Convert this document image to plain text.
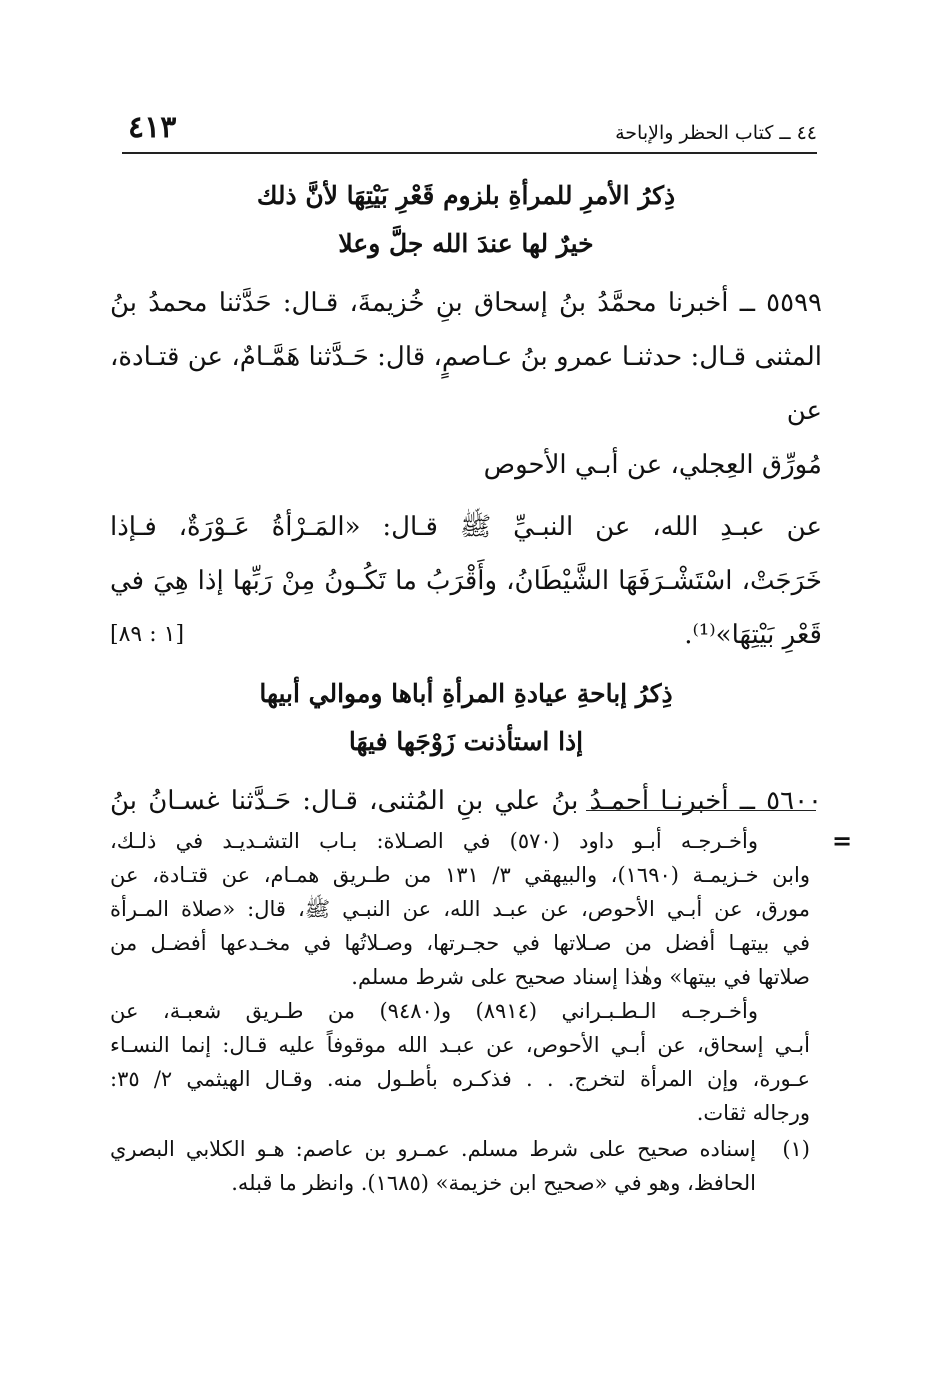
٤٤ ــ كتاب الحظر والإباحة
٤١٣
ذِكرُ الأمرِ للمرأةِ بلزوم قَعْرِ بَيْتِهَا لأنَّ ذلك
خيرٌ لها عندَ الله جلَّ وعلا
٥٥٩٩ ــ أخبرنا محمَّدُ بنُ إسحاق بنِ خُزيمةَ، قـال: حَدَّثنا محمدُ بنُ
المثنى قـال: حدثنـا عمرو بنُ عـاصمٍ، قال: حَـدَّثنا هَمَّـامٌ، عن قتـادة، عن
مُورِّق العِجلي، عن أبـي الأحوص
عن عبـدِ الله، عن النبـيِّ ﷺ قـال: «المَـرْأةُ عَـوْرَةٌ، فـإذا
خَرَجَتْ، اسْتَشْـرَفَهَا الشَّيْطَانُ، وأَقْرَبُ ما تَكُـونُ مِنْ رَبِّها إذا هِيَ في
قَعْرِ بَيْتِهَا»⁽¹⁾.
[١ : ٨٩]
ذِكرُ إباحةِ عيادةِ المرأةِ أباها وموالي أبيها
إذا استأذنت زَوْجَها فيهَا
٥٦٠٠ ــ أخبرنـا أحمـدُ بنُ علي بنِ المُثنى، قـال: حَـدَّثنا غسـانُ بنُ
=
وأخـرجـه أبـو داود (٥٧٠) في الصـلاة: بـاب التشـديـد في ذلـك،
وابن خـزيمـة (١٦٩٠)، والبيهقي ٣/ ١٣١ من طـريق همـام، عن قتـادة، عن
مورق، عن أبـي الأحوص، عن عبـد الله، عن النبـي ﷺ، قال: «صلاة المـرأة
في بيتهـا أفضل من صـلاتها في حجـرتها، وصـلاتُها في مخـدعها أفضـل من
صلاتها في بيتها» وهٰذا إسناد صحيح على شرط مسلم.
وأخـرجـه الـطـبـراني (٨٩١٤) و(٩٤٨٠) من طـريق شعبـة، عن
أبـي إسحاق، عن أبـي الأحوص، عن عبـد الله موقوفاً عليه قـال: إنما النسـاء
عـورة، وإن المرأة لتخرج. . . فذكـره بأطـول منه. وقـال الهيثمي ٢/ ٣٥:
ورجاله ثقات.
(١)
إسناده صحيح على شرط مسلم. عمـرو بن عاصم: هـو الكلابي البصري
الحافظ، وهو في «صحيح ابن خزيمة» (١٦٨٥). وانظر ما قبله.
